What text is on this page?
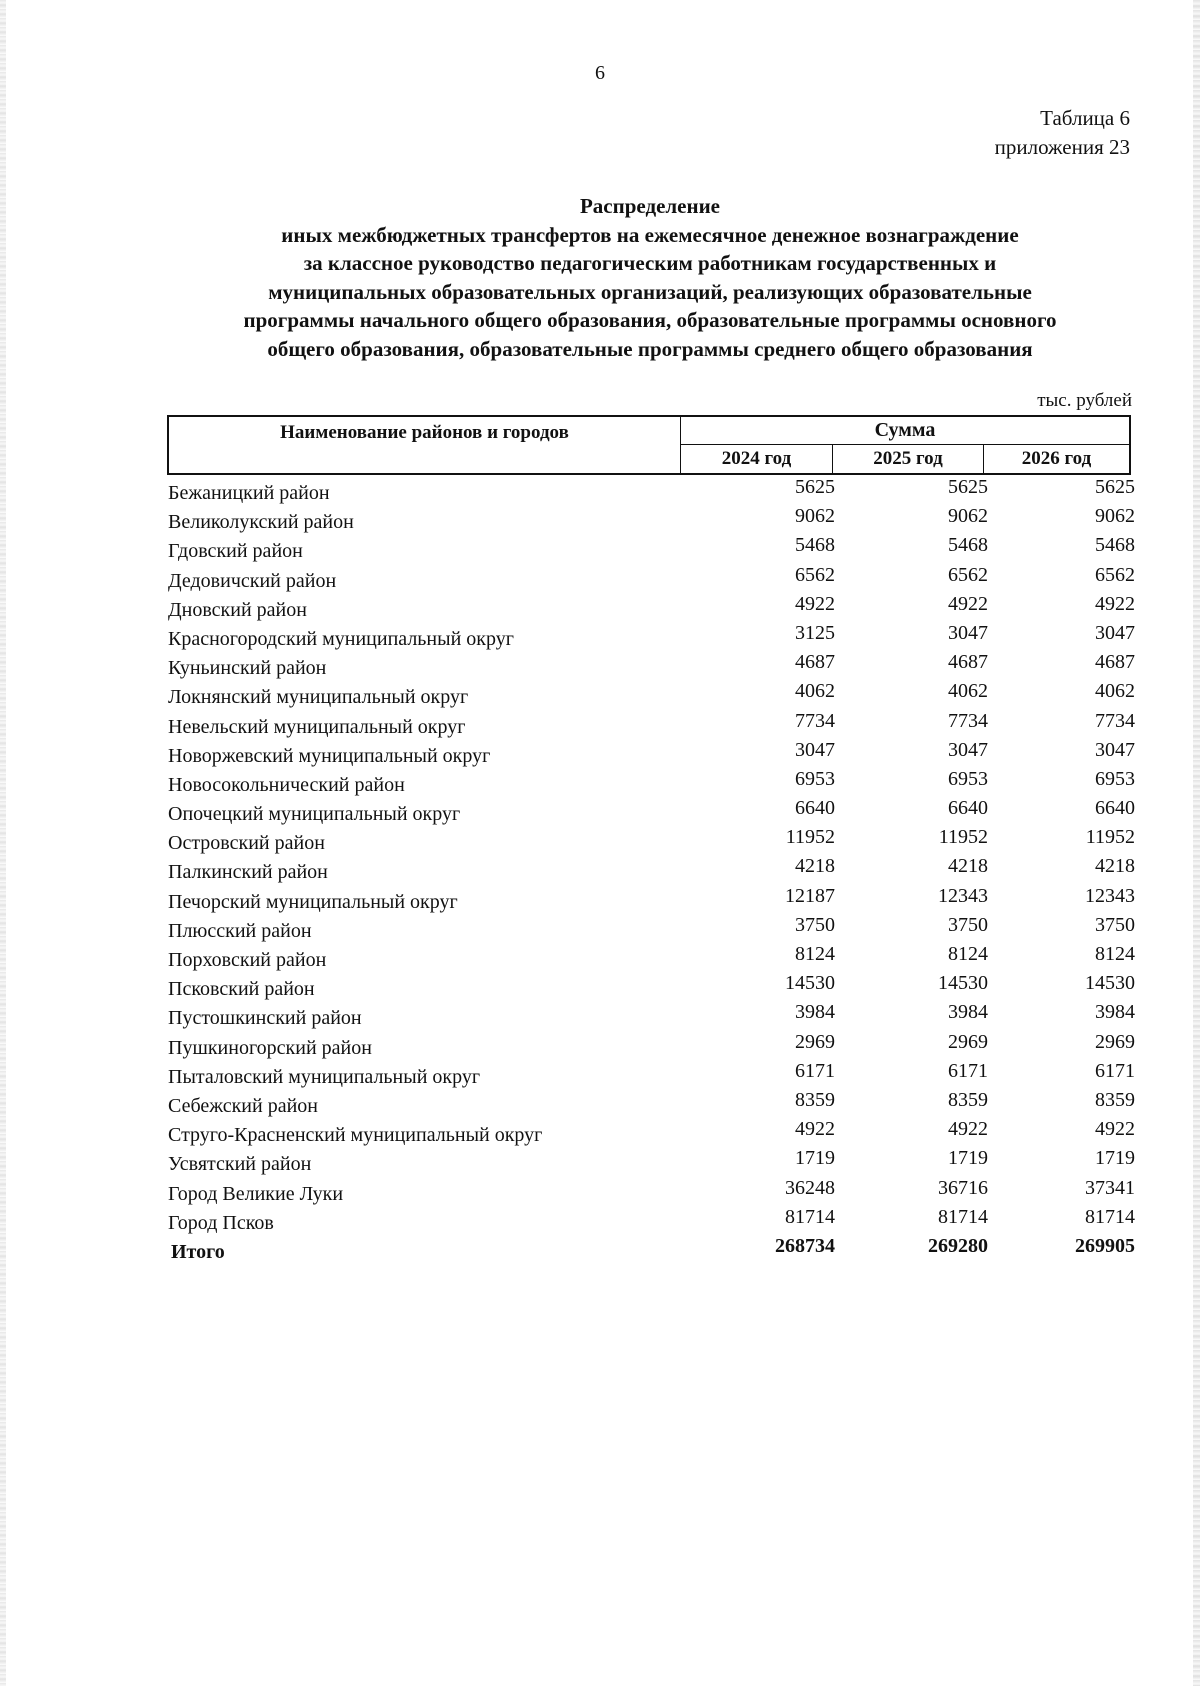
6
Таблица 6
приложения 23
Распределение
иных межбюджетных трансфертов на ежемесячное денежное вознаграждение
за классное руководство педагогическим работникам государственных и
муниципальных образовательных организаций, реализующих образовательные
программы начального общего образования, образовательные программы основного
общего образования, образовательные программы среднего общего образования
тыс. рублей
Наименование районов и городов	Сумма
2024 год	2025 год	2026 год
Бежаницкий район	5625	5625	5625
Великолукский район	9062	9062	9062
Гдовский район	5468	5468	5468
Дедовичский район	6562	6562	6562
Дновский район	4922	4922	4922
Красногородский муниципальный округ	3125	3047	3047
Куньинский район	4687	4687	4687
Локнянский муниципальный округ	4062	4062	4062
Невельский муниципальный округ	7734	7734	7734
Новоржевский муниципальный округ	3047	3047	3047
Новосокольнический район	6953	6953	6953
Опочецкий муниципальный округ	6640	6640	6640
Островский район	11952	11952	11952
Палкинский район	4218	4218	4218
Печорский муниципальный округ	12187	12343	12343
Плюсский район	3750	3750	3750
Порховский район	8124	8124	8124
Псковский район	14530	14530	14530
Пустошкинский район	3984	3984	3984
Пушкиногорский район	2969	2969	2969
Пыталовский муниципальный округ	6171	6171	6171
Себежский район	8359	8359	8359
Струго-Красненский муниципальный округ	4922	4922	4922
Усвятский район	1719	1719	1719
Город Великие Луки	36248	36716	37341
Город Псков	81714	81714	81714
Итого	268734	269280	269905
